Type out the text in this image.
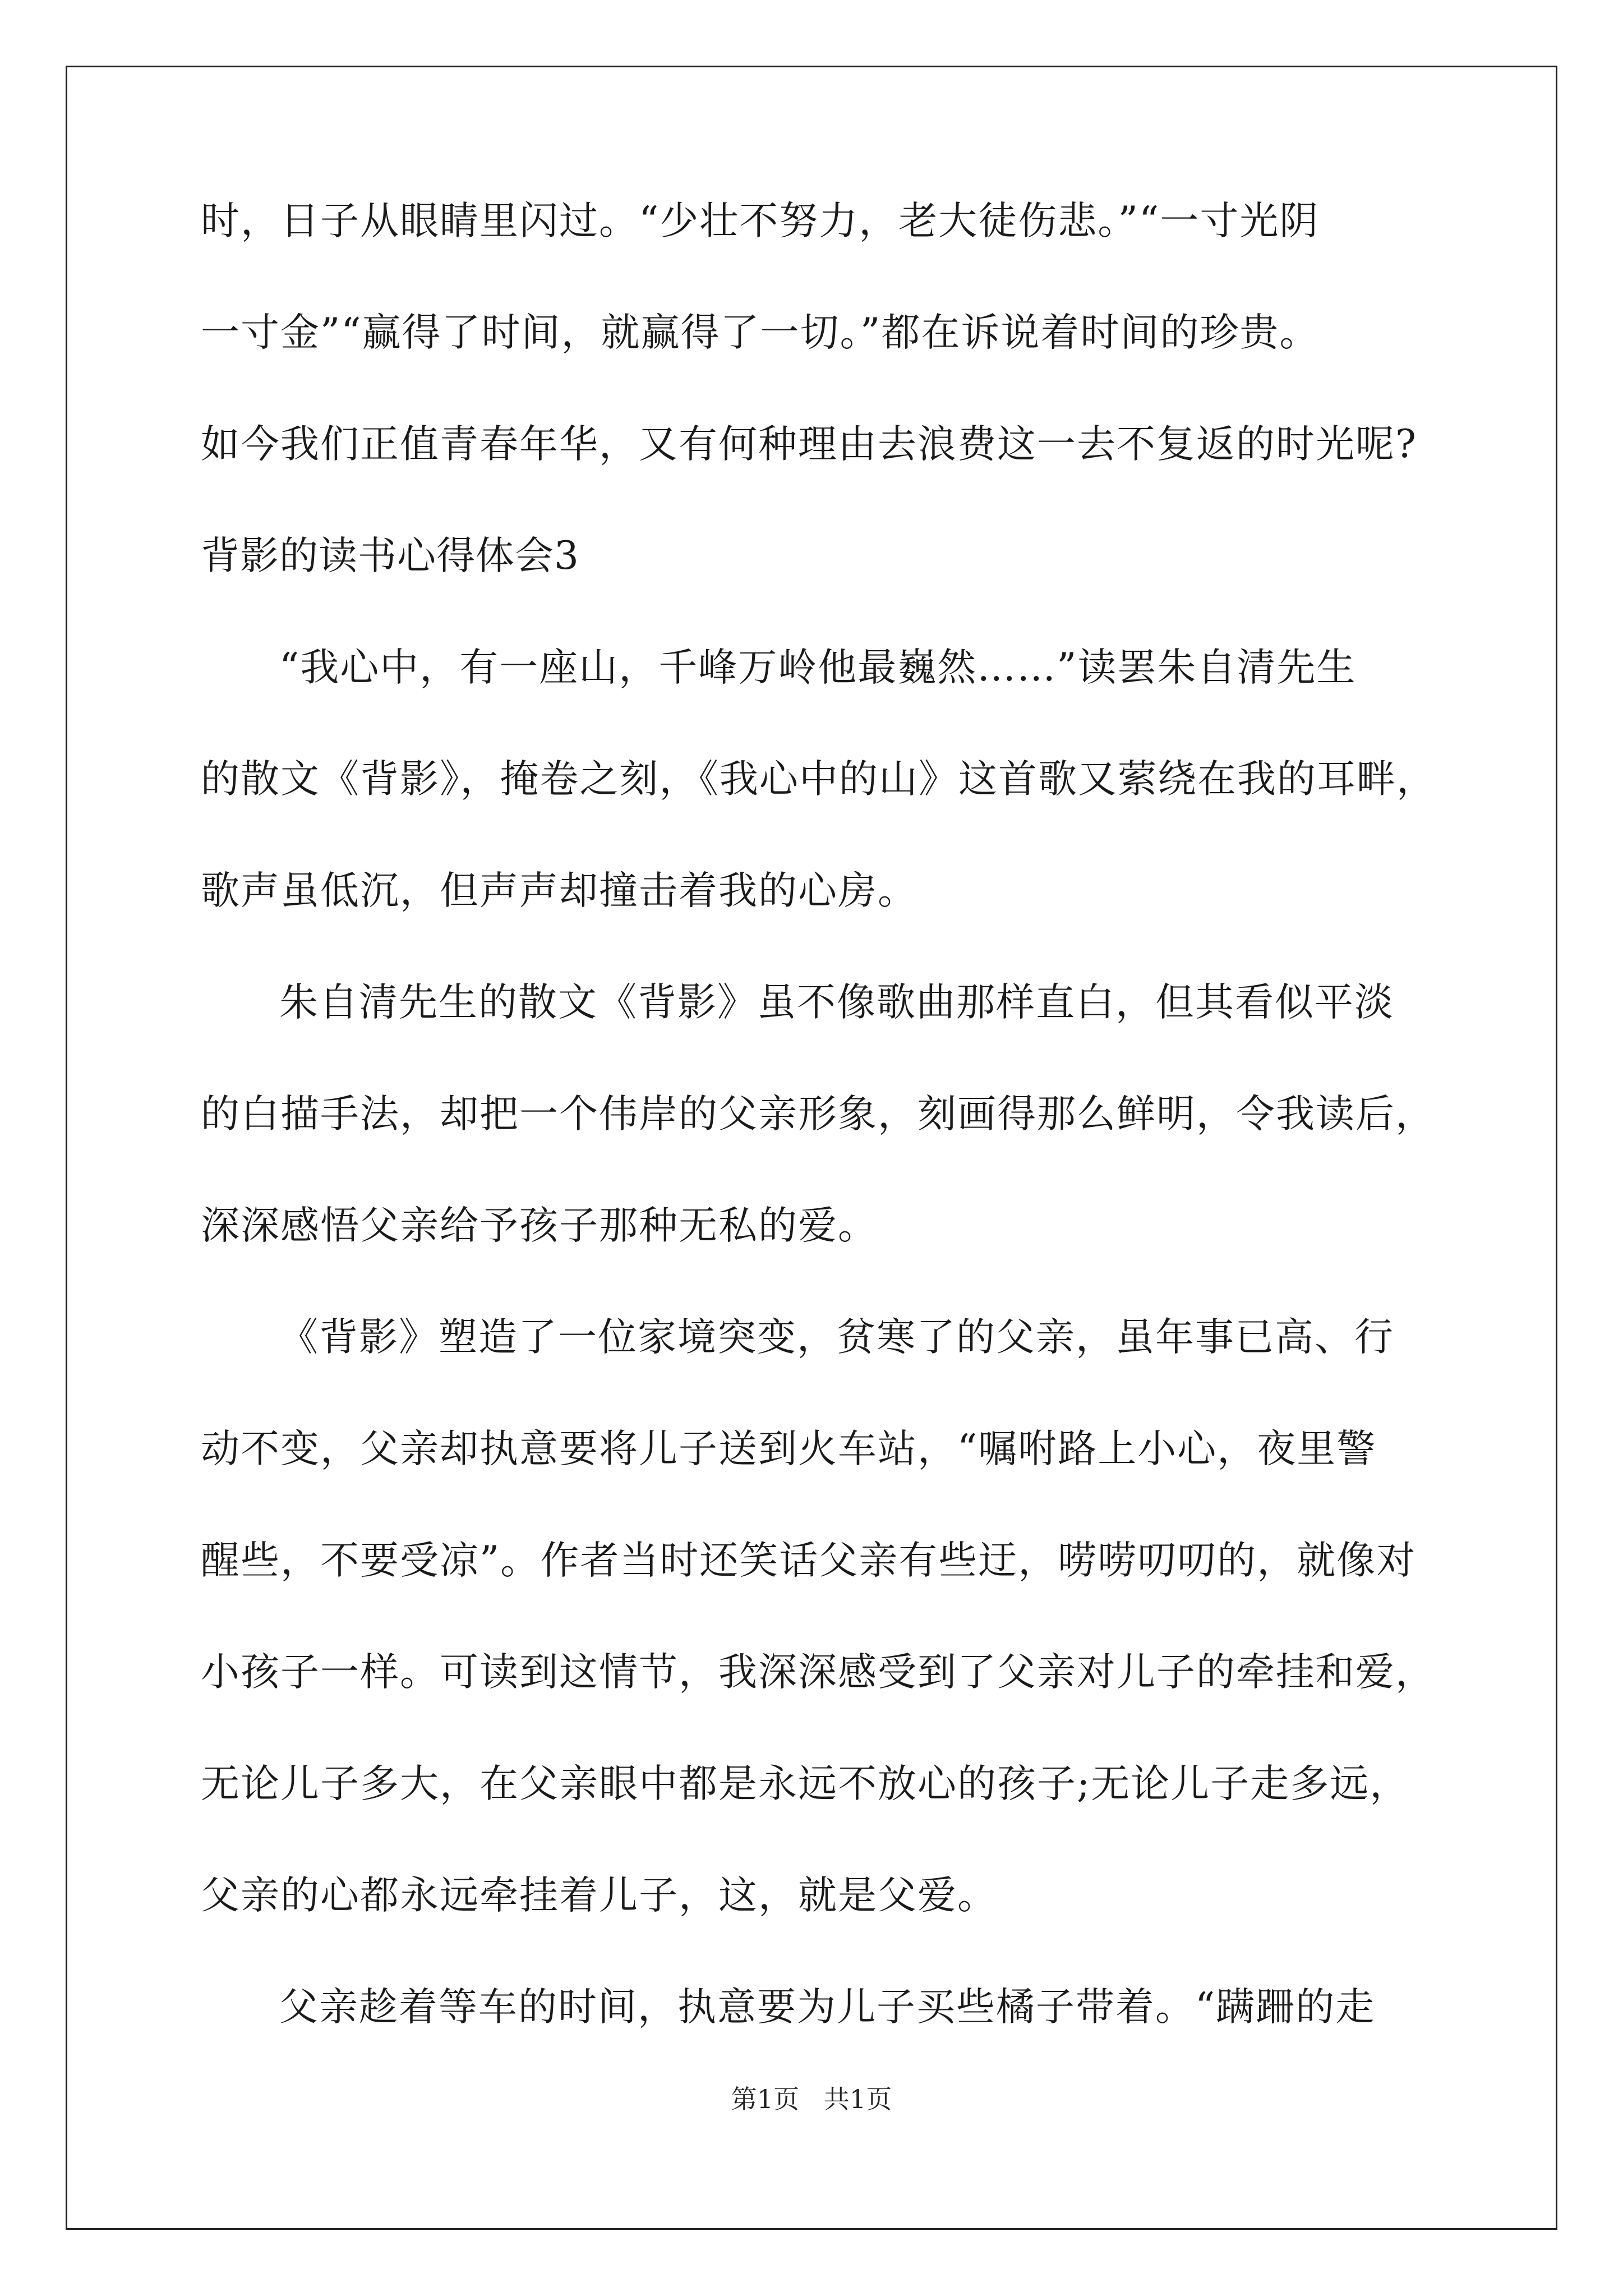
时，日子从眼睛里闪过。“少壮不努力，老大徒伤悲。”“一寸光阴
一寸金”“赢得了时间，就赢得了一切。”都在诉说着时间的珍贵。
如今我们正值青春年华，又有何种理由去浪费这一去不复返的时光呢?
背影的读书心得体会3
“我心中，有一座山，千峰万岭他最巍然……”读罢朱自清先生
的散文《背影》，掩卷之刻，《我心中的山》这首歌又萦绕在我的耳畔，
歌声虽低沉，但声声却撞击着我的心房。
朱自清先生的散文《背影》虽不像歌曲那样直白，但其看似平淡
的白描手法，却把一个伟岸的父亲形象，刻画得那么鲜明，令我读后，
深深感悟父亲给予孩子那种无私的爱。
《背影》塑造了一位家境突变，贫寒了的父亲，虽年事已高、行
动不变，父亲却执意要将儿子送到火车站，“嘱咐路上小心，夜里警
醒些，不要受凉”。作者当时还笑话父亲有些迂，唠唠叨叨的，就像对
小孩子一样。可读到这情节，我深深感受到了父亲对儿子的牵挂和爱，
无论儿子多大，在父亲眼中都是永远不放心的孩子;无论儿子走多远，
父亲的心都永远牵挂着儿子，这，就是父爱。
父亲趁着等车的时间，执意要为儿子买些橘子带着。“蹒跚的走
第1页   共1页
